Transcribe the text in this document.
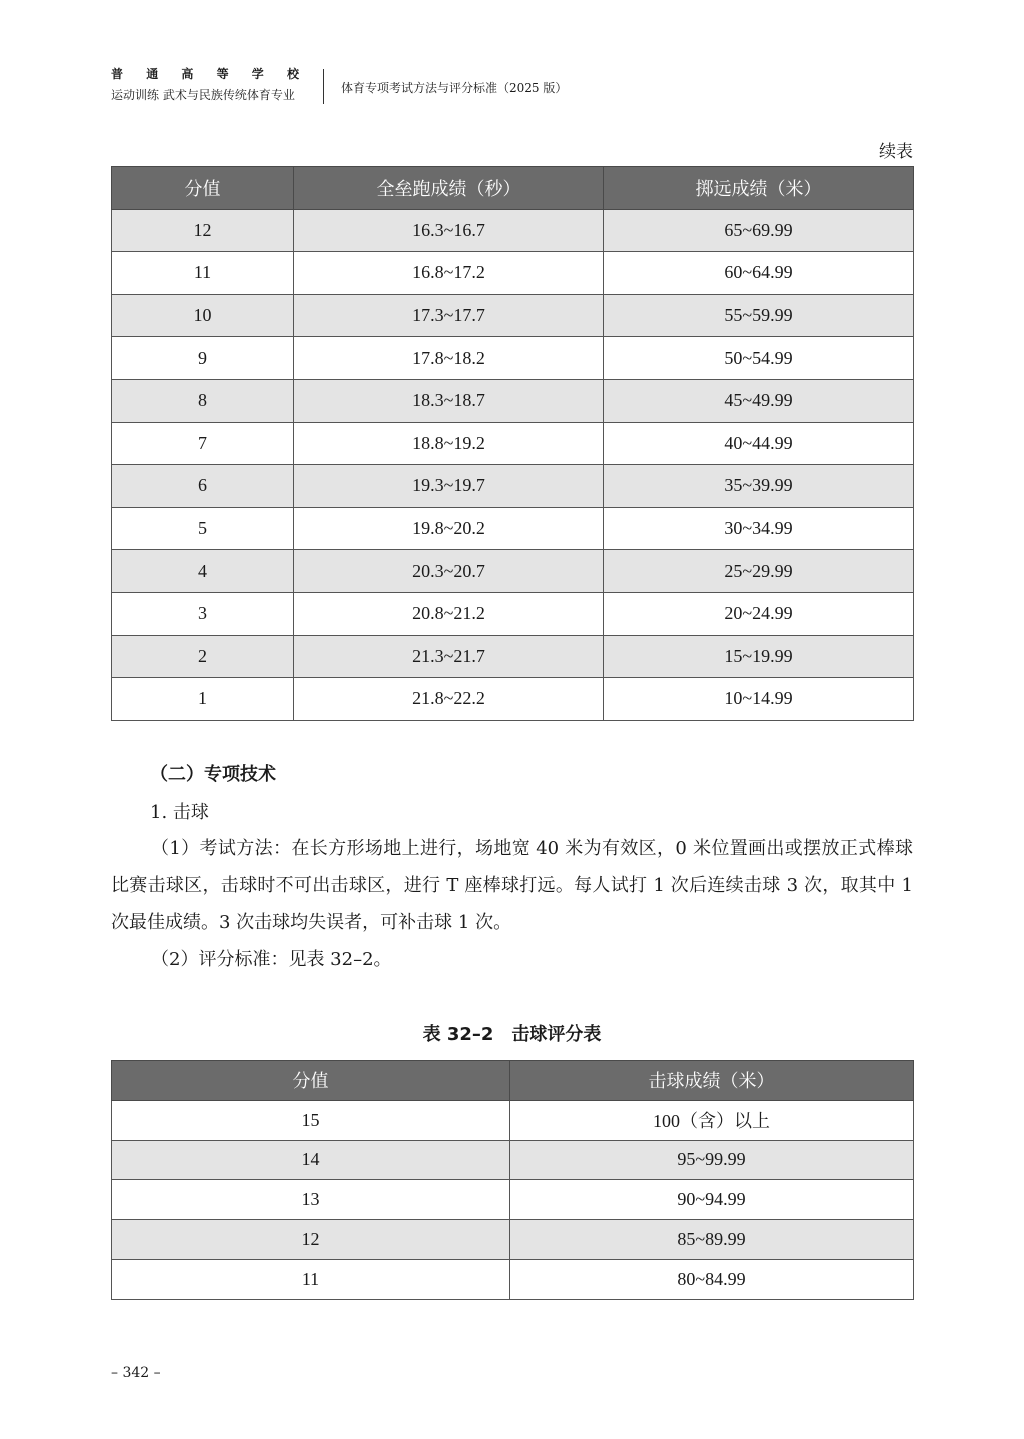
普 通 高 等 学 校
运动训练 武术与民族传统体育专业	体育专项考试方法与评分标准（2025 版）
续表
分值	全垒跑成绩（秒）	掷远成绩（米）
12	16.3~16.7	65~69.99
11	16.8~17.2	60~64.99
10	17.3~17.7	55~59.99
9	17.8~18.2	50~54.99
8	18.3~18.7	45~49.99
7	18.8~19.2	40~44.99
6	19.3~19.7	35~39.99
5	19.8~20.2	30~34.99
4	20.3~20.7	25~29.99
3	20.8~21.2	20~24.99
2	21.3~21.7	15~19.99
1	21.8~22.2	10~14.99
（二）专项技术
1. 击球
（1）考试方法：在长方形场地上进行，场地宽 40 米为有效区，0 米位置画出或摆放正式棒球比赛击球区，击球时不可出击球区，进行 T 座棒球打远。每人试打 1 次后连续击球 3 次，取其中 1 次最佳成绩。3 次击球均失误者，可补击球 1 次。
（2）评分标准：见表 32–2。
表 32–2　击球评分表
分值	击球成绩（米）
15	100（含）以上
14	95~99.99
13	90~94.99
12	85~89.99
11	80~84.99
– 342 –
